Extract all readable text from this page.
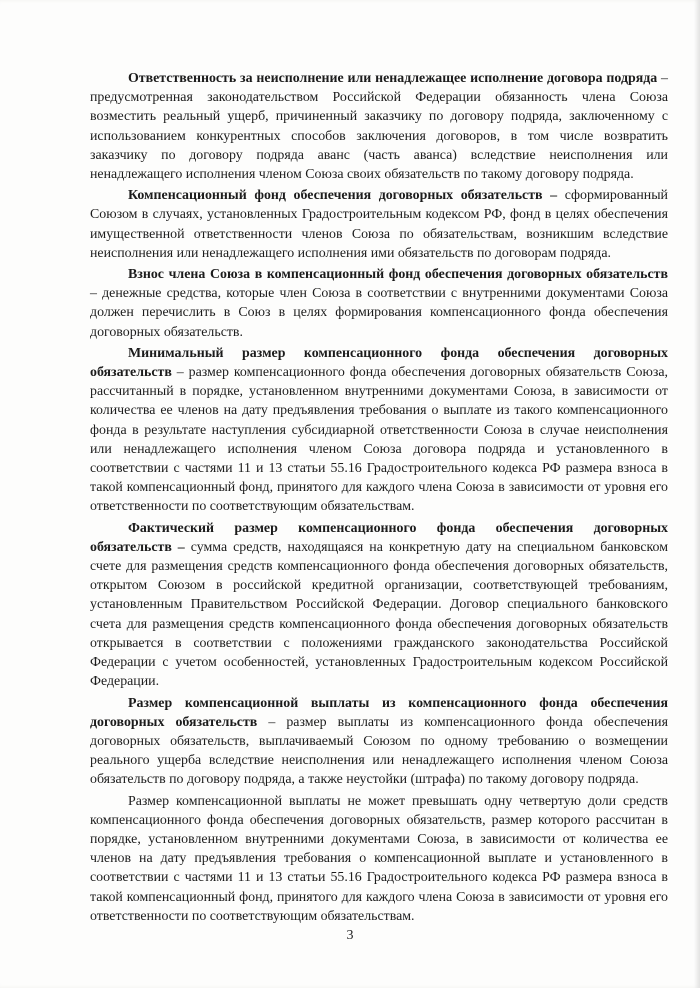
Ответственность за неисполнение или ненадлежащее исполнение договора подряда – предусмотренная законодательством Российской Федерации обязанность члена Союза возместить реальный ущерб, причиненный заказчику по договору подряда, заключенному с использованием конкурентных способов заключения договоров, в том числе возвратить заказчику по договору подряда аванс (часть аванса) вследствие неисполнения или ненадлежащего исполнения членом Союза своих обязательств по такому договору подряда.

Компенсационный фонд обеспечения договорных обязательств – сформированный Союзом в случаях, установленных Градостроительным кодексом РФ, фонд в целях обеспечения имущественной ответственности членов Союза по обязательствам, возникшим вследствие неисполнения или ненадлежащего исполнения ими обязательств по договорам подряда.

Взнос члена Союза в компенсационный фонд обеспечения договорных обязательств – денежные средства, которые член Союза в соответствии с внутренними документами Союза должен перечислить в Союз в целях формирования компенсационного фонда обеспечения договорных обязательств.

Минимальный размер компенсационного фонда обеспечения договорных обязательств – размер компенсационного фонда обеспечения договорных обязательств Союза, рассчитанный в порядке, установленном внутренними документами Союза, в зависимости от количества ее членов на дату предъявления требования о выплате из такого компенсационного фонда в результате наступления субсидиарной ответственности Союза в случае неисполнения или ненадлежащего исполнения членом Союза договора подряда и установленного в соответствии с частями 11 и 13 статьи 55.16 Градостроительного кодекса РФ размера взноса в такой компенсационный фонд, принятого для каждого члена Союза в зависимости от уровня его ответственности по соответствующим обязательствам.

Фактический размер компенсационного фонда обеспечения договорных обязательств – сумма средств, находящаяся на конкретную дату на специальном банковском счете для размещения средств компенсационного фонда обеспечения договорных обязательств, открытом Союзом в российской кредитной организации, соответствующей требованиям, установленным Правительством Российской Федерации. Договор специального банковского счета для размещения средств компенсационного фонда обеспечения договорных обязательств открывается в соответствии с положениями гражданского законодательства Российской Федерации с учетом особенностей, установленных Градостроительным кодексом Российской Федерации.

Размер компенсационной выплаты из компенсационного фонда обеспечения договорных обязательств – размер выплаты из компенсационного фонда обеспечения договорных обязательств, выплачиваемый Союзом по одному требованию о возмещении реального ущерба вследствие неисполнения или ненадлежащего исполнения членом Союза обязательств по договору подряда, а также неустойки (штрафа) по такому договору подряда.

Размер компенсационной выплаты не может превышать одну четвертую доли средств компенсационного фонда обеспечения договорных обязательств, размер которого рассчитан в порядке, установленном внутренними документами Союза, в зависимости от количества ее членов на дату предъявления требования о компенсационной выплате и установленного в соответствии с частями 11 и 13 статьи 55.16 Градостроительного кодекса РФ размера взноса в такой компенсационный фонд, принятого для каждого члена Союза в зависимости от уровня его ответственности по соответствующим обязательствам.

3
